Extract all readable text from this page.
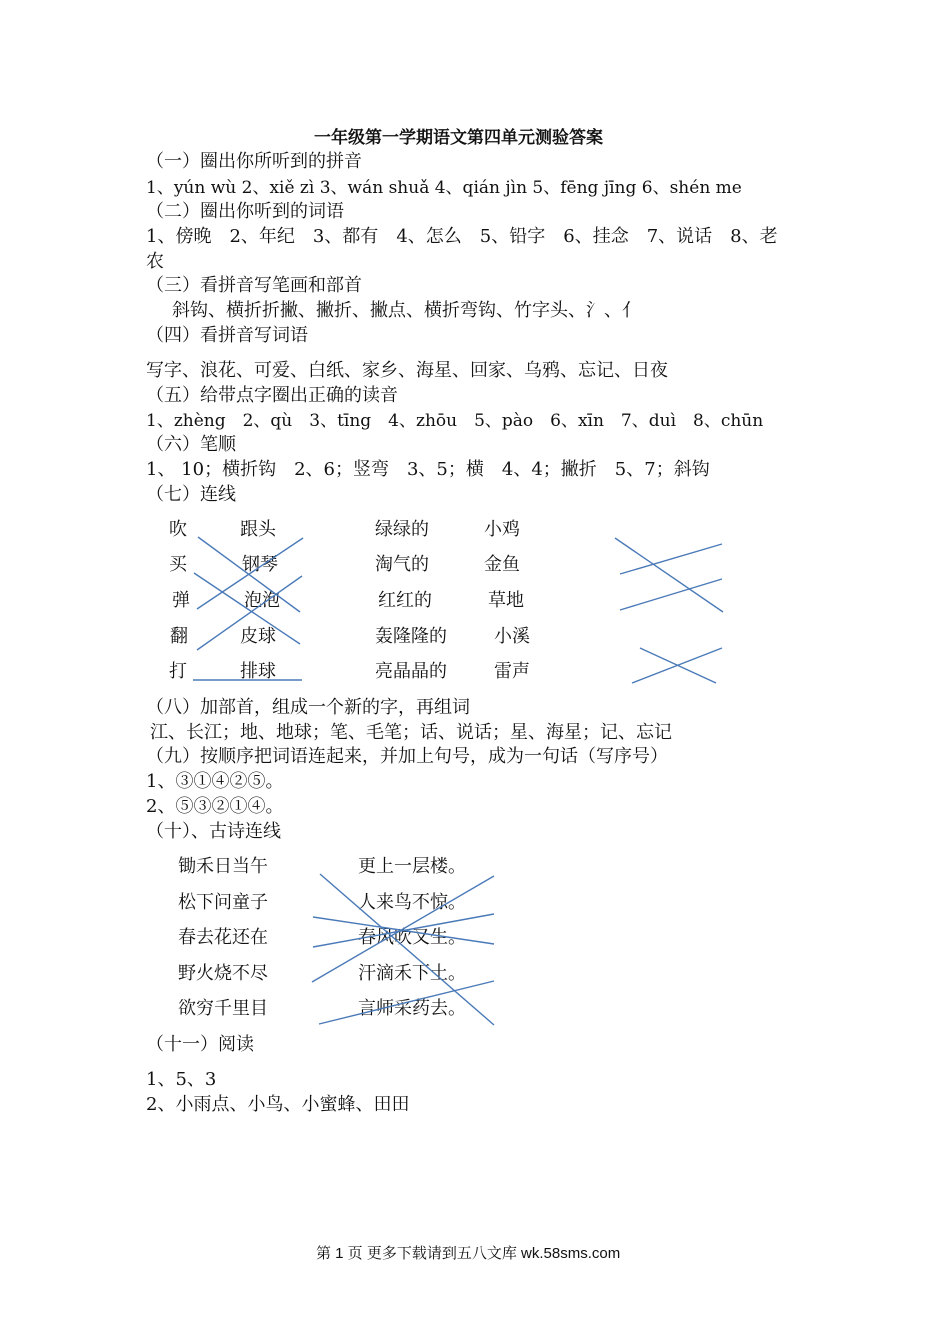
一年级第一学期语文第四单元测验答案
（一）圈出你所听到的拼音
1、yún wù 2、xiě zì 3、wán shuǎ 4、qián jìn 5、fēng jīng 6、shén me
（二）圈出你听到的词语
1、傍晚　2、年纪　3、都有　4、怎么　5、铅字　6、挂念　7、说话　8、老
农
（三）看拼音写笔画和部首
斜钩、横折折撇、撇折、撇点、横折弯钩、竹字头、氵、亻
（四）看拼音写词语
写字、浪花、可爱、白纸、家乡、海星、回家、乌鸦、忘记、日夜
（五）给带点字圈出正确的读音
1、zhèng　2、qù　3、tīng　4、zhōu　5、pào　6、xīn　7、duì　8、chūn
（六）笔顺
1、 10；横折钩　2、6；竖弯　3、5；横　4、4；撇折　5、7；斜钩
（七）连线
吹
买
弹
翻
打
跟头
钢琴
泡泡
皮球
排球
绿绿的
淘气的
红红的
轰隆隆的
亮晶晶的
小鸡
金鱼
草地
小溪
雷声
（八）加部首，组成一个新的字，再组词
江、长江；地、地球；笔、毛笔；话、说话；星、海星；记、忘记
（九）按顺序把词语连起来，并加上句号，成为一句话（写序号）
1、③①④②⑤。
2、⑤③②①④。
（十）、古诗连线
锄禾日当午
松下问童子
春去花还在
野火烧不尽
欲穷千里目
更上一层楼。
人来鸟不惊。
春风吹又生。
汗滴禾下土。
言师采药去。
（十一）阅读
1、5、3
2、小雨点、小鸟、小蜜蜂、田田
第 1 页 更多下载请到五八文库 wk.58sms.com
